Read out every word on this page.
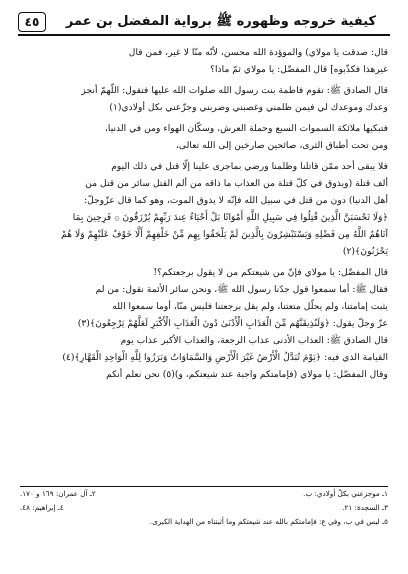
كيفية خروجه وظهوره ﷺ برواية المفضل بن عمر
٤٥
قال: صدقت يا مولاي) والموؤدة الله محسن، لأنّه منّا لا غير، فمن قال
غيرهذا فكذّبوه] قال المفضّل: يا مولاي ثمّ ماذا؟
قال الصادق ﷺ: تقوم فاطمة بنت رسول الله صلوات الله عليها فتقول: اللّهمّ أنجز
وعدك وموعدك لي فيمن ظلمني وغصبني وضربني وجزّعني بكل أولادي(١)
فتبكيها ملائكة السموات السبع وحملة العرش، وسكّان الهواء ومن في الدنيا،
ومن تحت أطباق الثرى، صائحين صارخين إلى الله تعالى،
فلا يبقى أحد ممّن قاتلنا وظلمنا ورضي بماجرى علينا إلّا قتل في ذلك اليوم
ألف قتلة (ويذوق في كلّ قتلة من العذاب ما ذاقه من ألم القتل سائر من قتل من
أهل الدنيا) دون من قتل في سبيل الله فإنّه لا يذوق الموت، وهو كما قال عزّوجلّ:
﴿وَلَا تَحْسَبَنَّ الَّذِينَ قُتِلُوا فِي سَبِيلِ اللَّهِ أَمْوَاتًا بَلْ أَحْيَاءٌ عِندَ رَبِّهِمْ يُرْزَقُونَ ۞ فَرِحِينَ بِمَا
آتَاهُمُ اللَّهُ مِن فَضْلِهِ وَيَسْتَبْشِرُونَ بِالَّذِينَ لَمْ يَلْحَقُوا بِهِم مِّنْ خَلْفِهِمْ أَلَّا خَوْفٌ عَلَيْهِمْ وَلَا هُمْ
يَحْزَنُونَ﴾(٢)
قال المفضّل: يا مولاي فإنّ من شيعتكم من لا يقول برجعتكم؟!
فقال ﷺ: أما سمعوا قول جدّنا رسول الله ﷺ، ونحن سائر الأئمة نقول: من لم
يثبت إمامتنا، ولم يحلّل متعتنا، ولم يقل برجعتنا فليس منّا، أوما سمعوا الله
عزّ وجلّ يقول: ﴿وَلَنُذِيقَنَّهُم مِّنَ الْعَذَابِ الْأَدْنَىٰ دُونَ الْعَذَابِ الْأَكْبَرِ لَعَلَّهُمْ يَرْجِعُونَ﴾(٣)
قال الصادق ﷺ: العذاب الأدنى عذاب الرجعة، والعذاب الأكبر عذاب يوم
القيامة الذي فيه: ﴿يَوْمَ تُبَدَّلُ الْأَرْضُ غَيْرَ الْأَرْضِ وَالسَّمَاوَاتُ وَبَرَزُوا لِلَّهِ الْوَاحِدِ الْقَهَّارِ﴾(٤)
وقال المفضّل: يا مولاي (فإمامتكم واجبة عند شيعتكم، و)(٥) نحن نعلم أنكم
١ـ موجزعني بكلّ أولادي: ب.
٢ـ آل عمران: ١٦٩ و ١٧٠.
٣ـ السجدة: ٢١.
٤ـ إبراهيم: ٤٨.
٥ـ ليس في ب، وفي ع: فإمامتكم بالله عند شيعتكم وما أثبتناه من الهداية الكبرى.
